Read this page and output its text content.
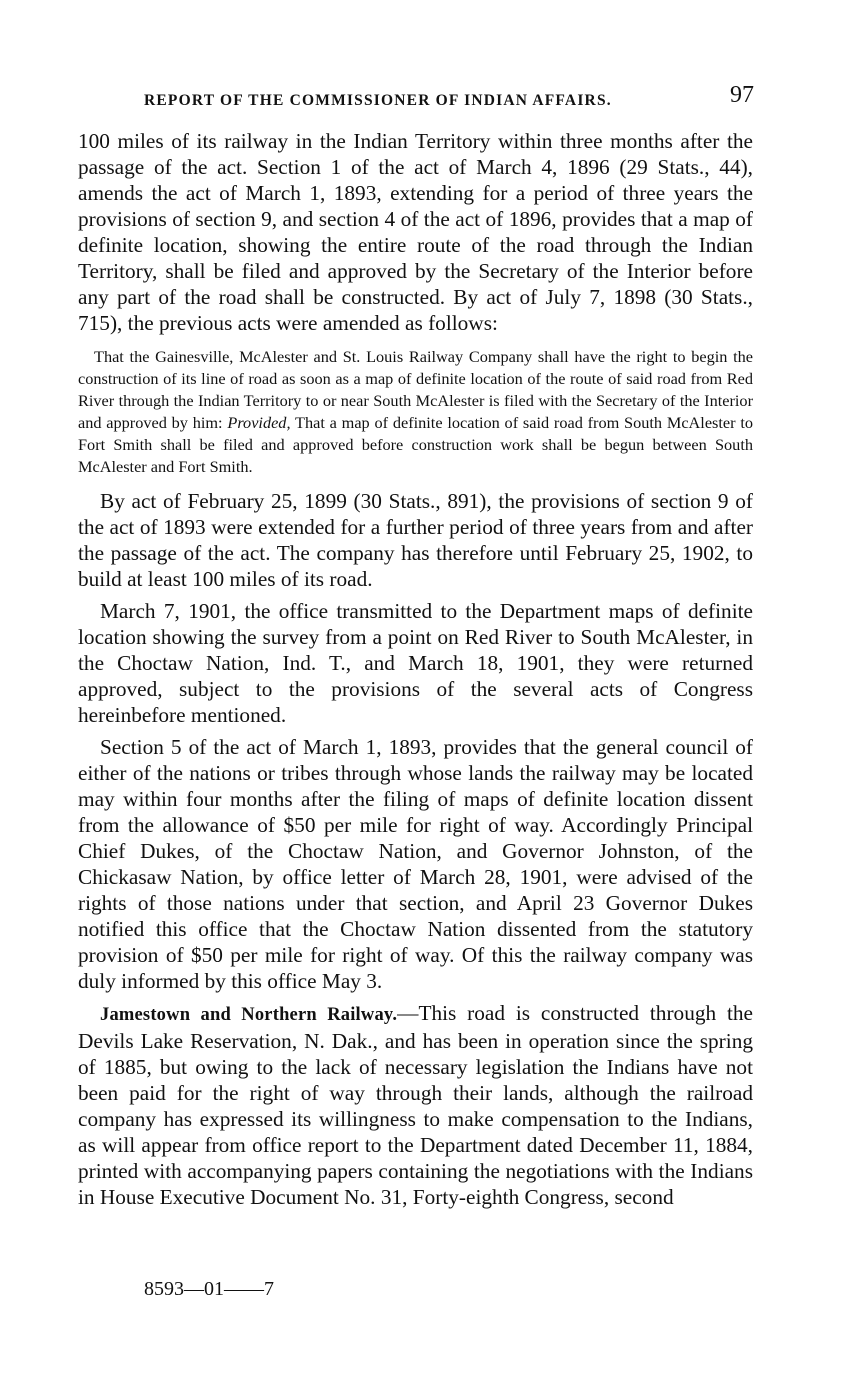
REPORT OF THE COMMISSIONER OF INDIAN AFFAIRS.	97

100 miles of its railway in the Indian Territory within three months after the passage of the act. Section 1 of the act of March 4, 1896 (29 Stats., 44), amends the act of March 1, 1893, extending for a period of three years the provisions of section 9, and section 4 of the act of 1896, provides that a map of definite location, showing the entire route of the road through the Indian Territory, shall be filed and approved by the Secretary of the Interior before any part of the road shall be constructed. By act of July 7, 1898 (30 Stats., 715), the previous acts were amended as follows:

That the Gainesville, McAlester and St. Louis Railway Company shall have the right to begin the construction of its line of road as soon as a map of definite location of the route of said road from Red River through the Indian Territory to or near South McAlester is filed with the Secretary of the Interior and approved by him: Provided, That a map of definite location of said road from South McAlester to Fort Smith shall be filed and approved before construction work shall be begun between South McAlester and Fort Smith.

By act of February 25, 1899 (30 Stats., 891), the provisions of section 9 of the act of 1893 were extended for a further period of three years from and after the passage of the act. The company has therefore until February 25, 1902, to build at least 100 miles of its road.

March 7, 1901, the office transmitted to the Department maps of definite location showing the survey from a point on Red River to South McAlester, in the Choctaw Nation, Ind. T., and March 18, 1901, they were returned approved, subject to the provisions of the several acts of Congress hereinbefore mentioned.

Section 5 of the act of March 1, 1893, provides that the general council of either of the nations or tribes through whose lands the railway may be located may within four months after the filing of maps of definite location dissent from the allowance of $50 per mile for right of way. Accordingly Principal Chief Dukes, of the Choctaw Nation, and Governor Johnston, of the Chickasaw Nation, by office letter of March 28, 1901, were advised of the rights of those nations under that section, and April 23 Governor Dukes notified this office that the Choctaw Nation dissented from the statutory provision of $50 per mile for right of way. Of this the railway company was duly informed by this office May 3.

Jamestown and Northern Railway.—This road is constructed through the Devils Lake Reservation, N. Dak., and has been in operation since the spring of 1885, but owing to the lack of necessary legislation the Indians have not been paid for the right of way through their lands, although the railroad company has expressed its willingness to make compensation to the Indians, as will appear from office report to the Department dated December 11, 1884, printed with accompanying papers containing the negotiations with the Indians in House Executive Document No. 31, Forty-eighth Congress, second

8593—01——7
